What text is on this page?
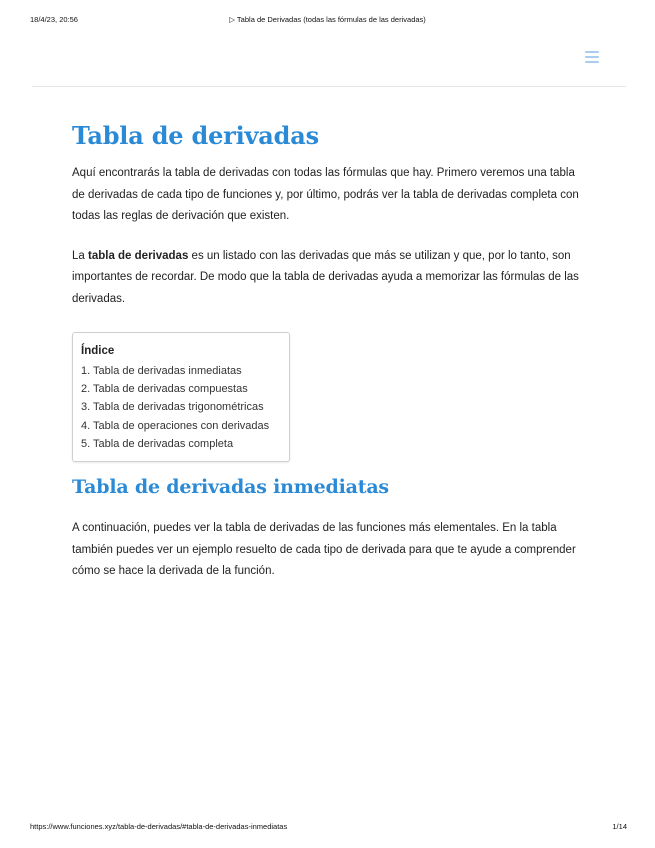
18/4/23, 20:56	▷ Tabla de Derivadas (todas las fórmulas de las derivadas)
Tabla de derivadas

Aquí encontrarás la tabla de derivadas con todas las fórmulas que hay. Primero veremos una tabla de derivadas de cada tipo de funciones y, por último, podrás ver la tabla de derivadas completa con todas las reglas de derivación que existen.

La tabla de derivadas es un listado con las derivadas que más se utilizan y que, por lo tanto, son importantes de recordar. De modo que la tabla de derivadas ayuda a memorizar las fórmulas de las derivadas.

Índice
1. Tabla de derivadas inmediatas
2. Tabla de derivadas compuestas
3. Tabla de derivadas trigonométricas
4. Tabla de operaciones con derivadas
5. Tabla de derivadas completa
Tabla de derivadas inmediatas

A continuación, puedes ver la tabla de derivadas de las funciones más elementales. En la tabla también puedes ver un ejemplo resuelto de cada tipo de derivada para que te ayude a comprender cómo se hace la derivada de la función.

https://www.funciones.xyz/tabla-de-derivadas/#tabla-de-derivadas-inmediatas	1/14
